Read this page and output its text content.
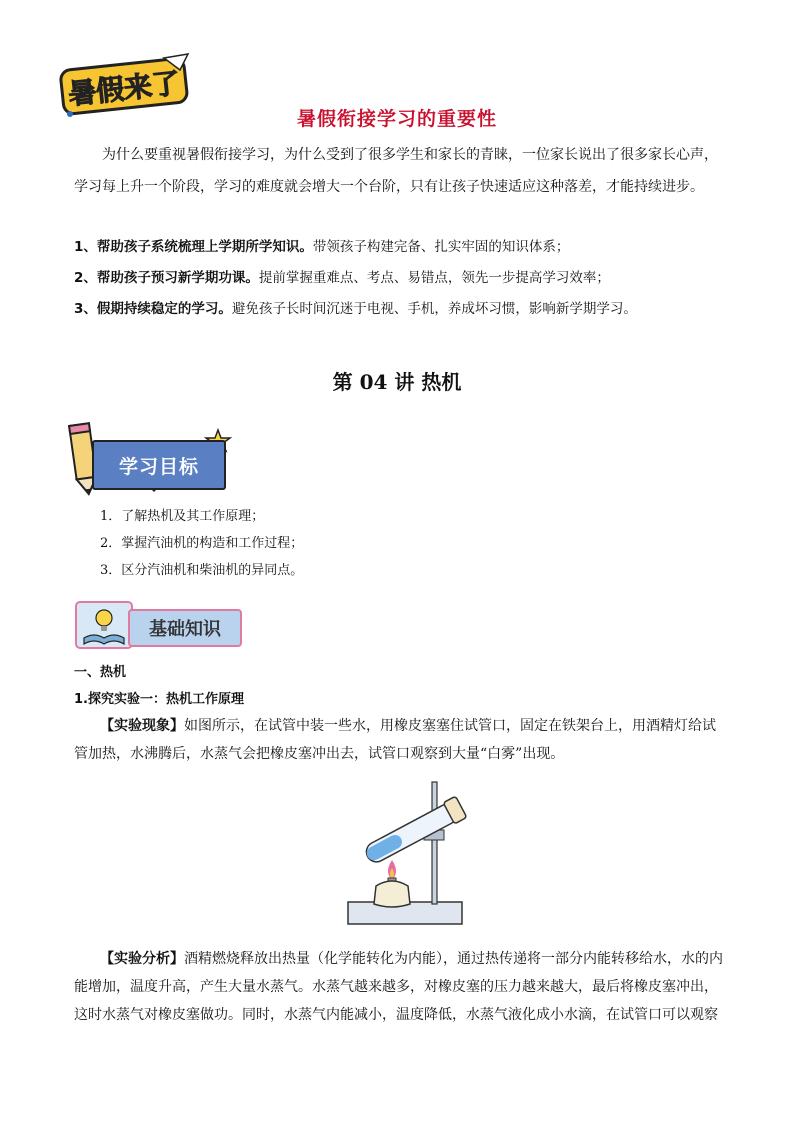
暑假来了
暑假衔接学习的重要性
为什么要重视暑假衔接学习，为什么受到了很多学生和家长的青睐，一位家长说出了很多家长心声，学习每上升一个阶段，学习的难度就会增大一个台阶，只有让孩子快速适应这种落差，才能持续进步。
1、帮助孩子系统梳理上学期所学知识。带领孩子构建完备、扎实牢固的知识体系；
2、帮助孩子预习新学期功课。提前掌握重难点、考点、易错点，领先一步提高学习效率；
3、假期持续稳定的学习。避免孩子长时间沉迷于电视、手机，养成坏习惯，影响新学期学习。
第 04 讲 热机
学习目标
1．了解热机及其工作原理；
2．掌握汽油机的构造和工作过程；
3．区分汽油机和柴油机的异同点。
基础知识
一、热机
1.探究实验一：热机工作原理
【实验现象】如图所示，在试管中装一些水，用橡皮塞塞住试管口，固定在铁架台上，用酒精灯给试管加热，水沸腾后，水蒸气会把橡皮塞冲出去，试管口观察到大量“白雾”出现。
【实验分析】酒精燃烧释放出热量（化学能转化为内能），通过热传递将一部分内能转移给水，水的内能增加，温度升高，产生大量水蒸气。水蒸气越来越多，对橡皮塞的压力越来越大，最后将橡皮塞冲出，这时水蒸气对橡皮塞做功。同时，水蒸气内能减小，温度降低，水蒸气液化成小水滴，在试管口可以观察
